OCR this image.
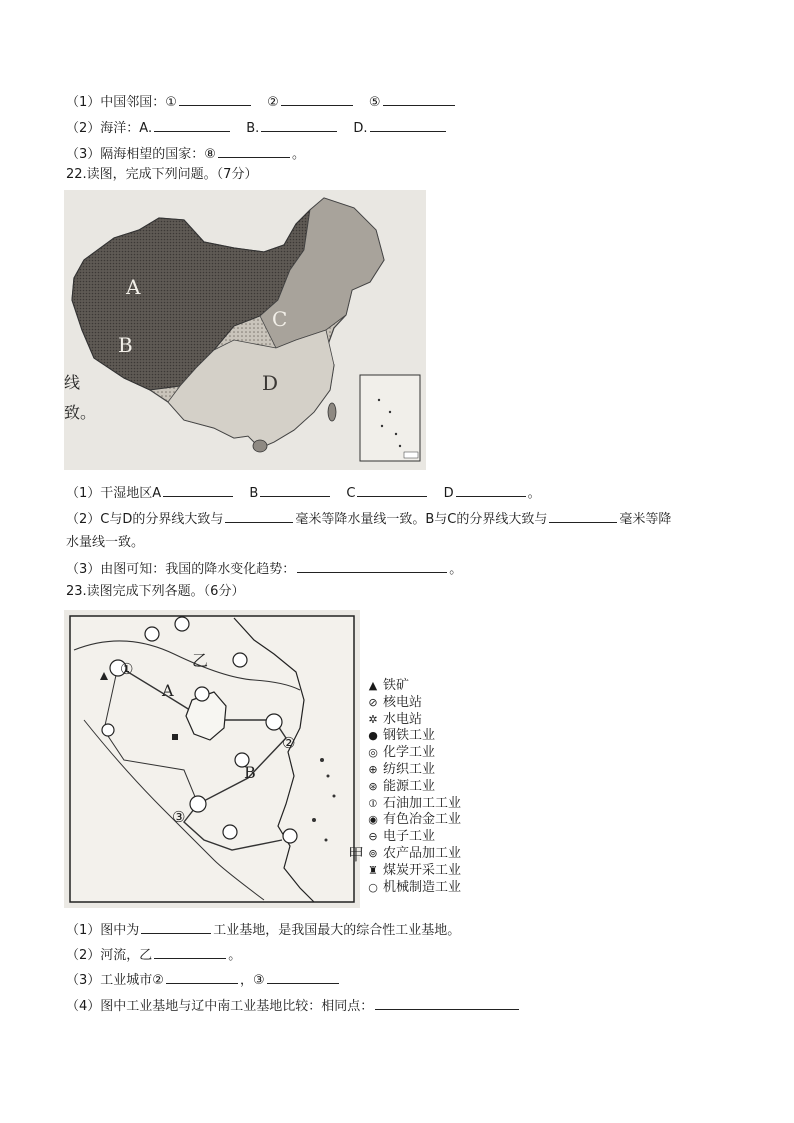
（1）中国邻国：①	②	⑤
（2）海洋：A.	B.	D.
（3）隔海相望的国家：⑧	。
22.读图，完成下列问题。（7分）
A
B
C
D
线
致。
（1）干湿地区A	B	C	D	。
（2）C与D的分界线大致与	毫米等降水量线一致。B与C的分界线大致与	毫米等降
水量线一致。
（3）由图可知：我国的降水变化趋势：	。
23.读图完成下列各题。（6分）
①
②
③
A
B
乙
甲
▲ 铁矿
⊘ 核电站
✲ 水电站
● 钢铁工业
◎ 化学工业
⊕ 纺织工业
⊛ 能源工业
⦶ 石油加工工业
◉ 有色冶金工业
⊖ 电子工业
⊚ 农产品加工业
♜ 煤炭开采工业
○ 机械制造工业
（1）图中为	工业基地，是我国最大的综合性工业基地。
（2）河流，乙	。
（3）工业城市②	，③
（4）图中工业基地与辽中南工业基地比较：相同点：
